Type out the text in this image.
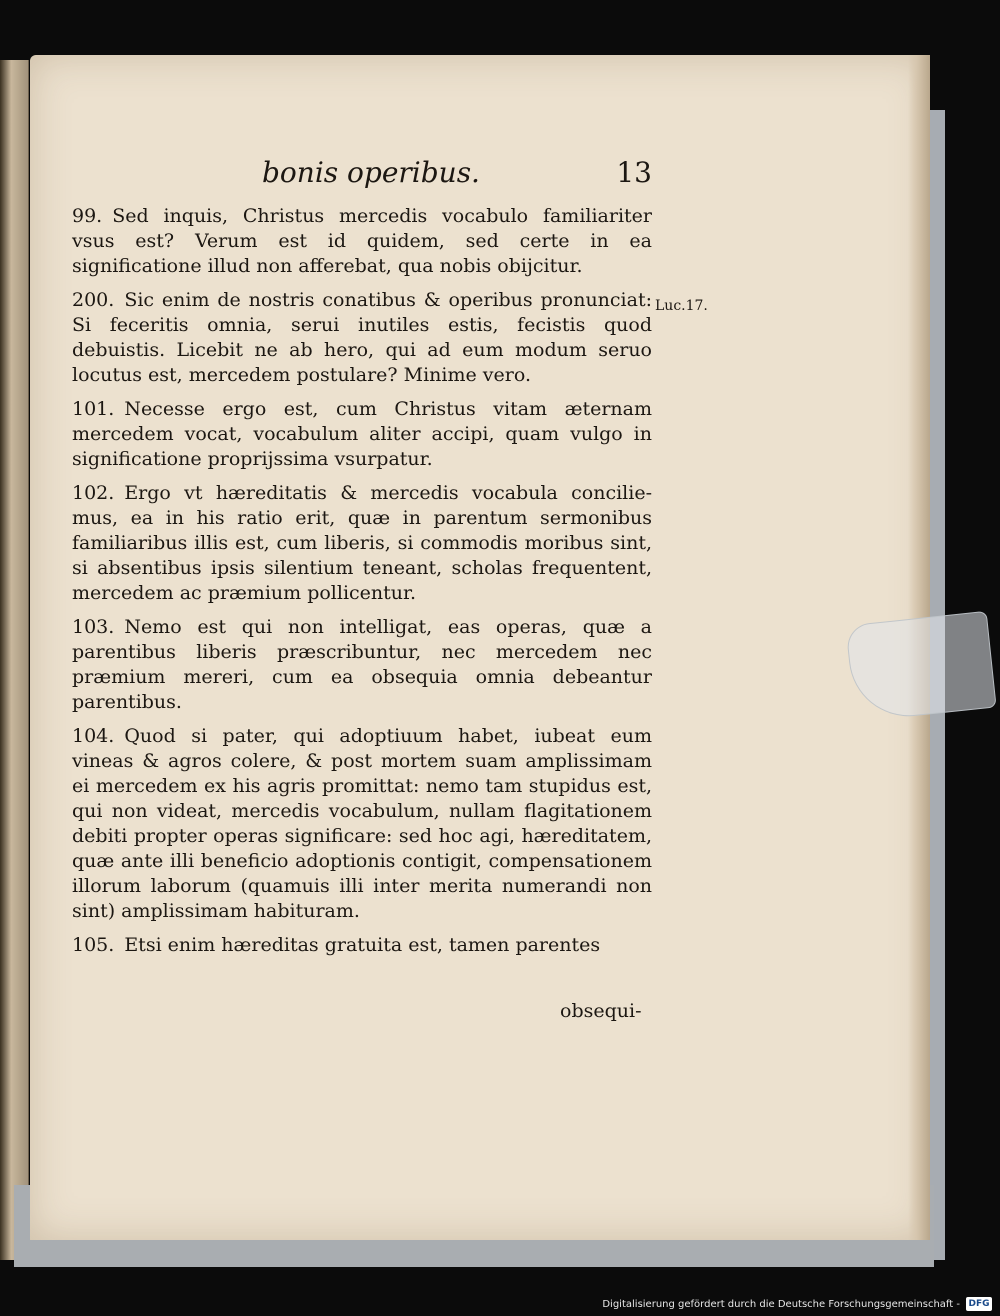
bonis operibus.	13

99. Sed inquis, Christus mercedis vocabulo familiariter vsus est? Verum est id quidem, sed certe in ea significatione illud non afferebat, qua nobis obijcitur.

200. Sic enim de nostris conatibus & operibus pronunciat: Si feceritis omnia, serui inutiles estis, fecistis quod debuistis. Licebit ne ab hero, qui ad eum modum seruo locutus est, mercedem postulare? Minime vero.

101. Necesse ergo est, cum Christus vitam æternam mercedem vocat, vocabulum aliter accipi, quam vulgo in significatione proprijssima vsurpatur.

102. Ergo vt hæreditatis & mercedis vocabula concilie-mus, ea in his ratio erit, quæ in parentum sermonibus familiaribus illis est, cum liberis, si commodis moribus sint, si absentibus ipsis silentium teneant, scholas frequentent, mercedem ac præmium pollicentur.

103. Nemo est qui non intelligat, eas operas, quæ a parentibus liberis præscribuntur, nec mercedem nec præmium mereri, cum ea obsequia omnia debeantur parentibus.

104. Quod si pater, qui adoptiuum habet, iubeat eum vineas & agros colere, & post mortem suam amplissimam ei mercedem ex his agris promittat: nemo tam stupidus est, qui non videat, mercedis vocabulum, nullam flagitationem debiti propter operas significare: sed hoc agi, hæreditatem, quæ ante illi beneficio adoptionis contigit, compensationem illorum laborum (quamuis illi inter merita numerandi non sint) amplissimam habituram.

105. Etsi enim hæreditas gratuita est, tamen parentes

Luc.17.
obsequi-
Digitalisierung gefördert durch die Deutsche Forschungsgemeinschaft - DFG
